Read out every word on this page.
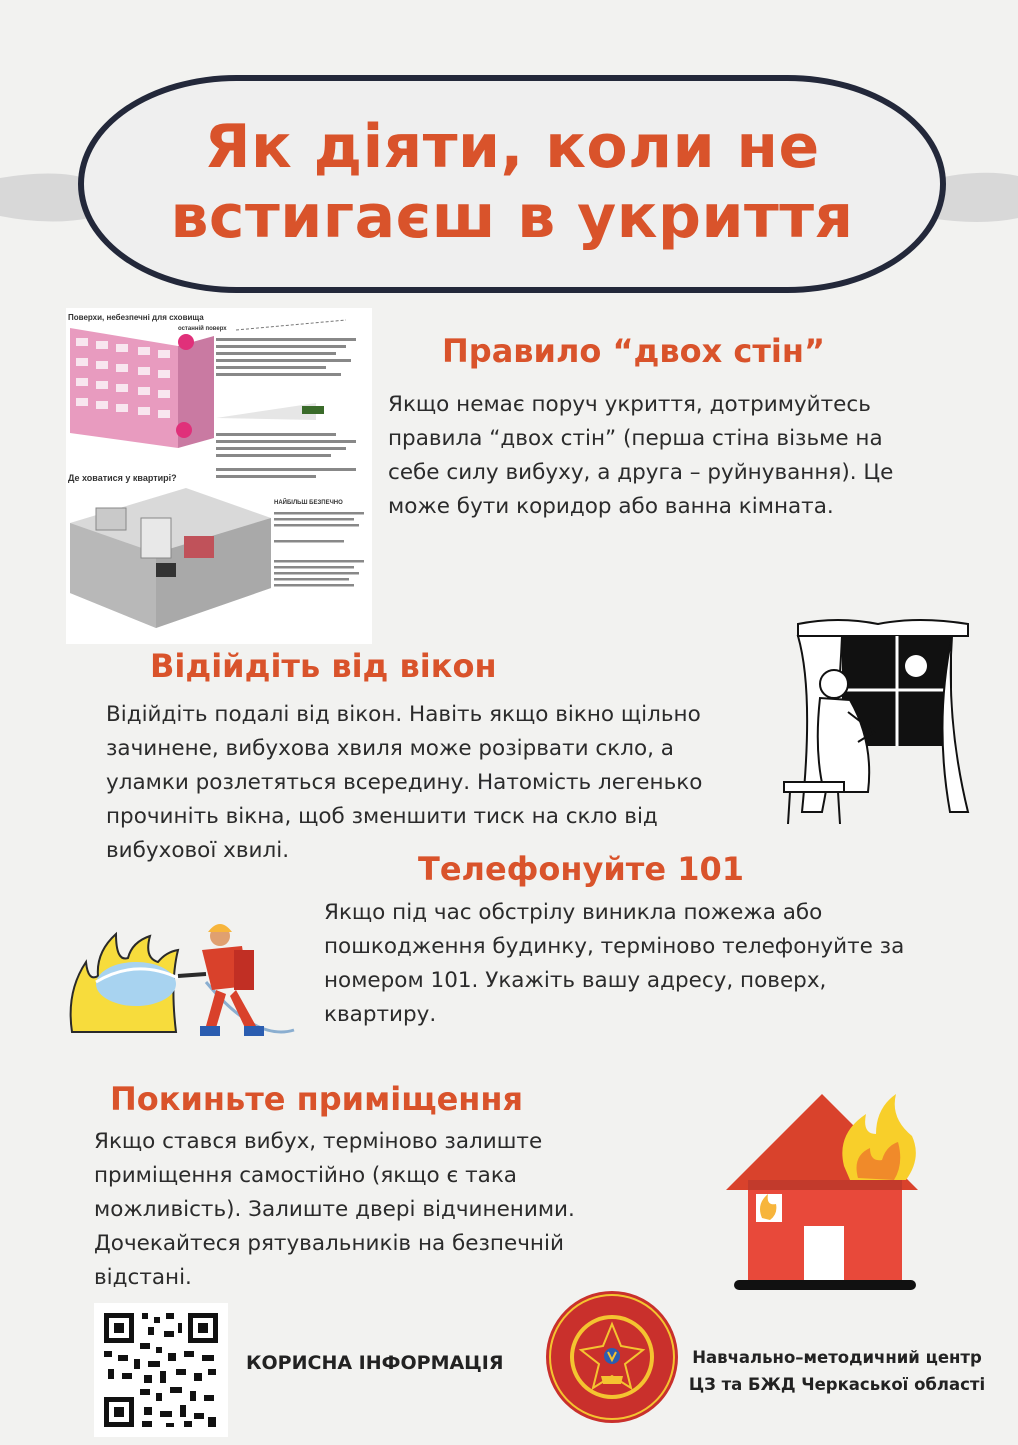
Як діяти, коли не
встигаєш в укриття
Поверхи, небезпечні для сховища
останній поверх
Де ховатися у квартирі?
НАЙБІЛЬШ БЕЗПЕЧНО
Правило “двох стін”
Якщо немає поруч укриття, дотримуйтесь
правила “двох стін” (перша стіна візьме на
себе силу вибуху, а друга – руйнування). Це
може бути коридор або ванна кімната.
Відійдіть від вікон
Відійдіть подалі від вікон. Навіть якщо вікно щільно
зачинене, вибухова хвиля може розірвати скло, а
уламки розлетяться всередину. Натомість легенько
прочиніть вікна, щоб зменшити тиск на скло від
вибухової хвилі.	Телефонуйте 101
Якщо під час обстрілу виникла пожежа або
пошкодження будинку, терміново телефонуйте за
номером 101. Укажіть вашу адресу, поверх,
квартиру.
Покиньте приміщення
Якщо стався вибух, терміново залиште
приміщення самостійно (якщо є така
можливість). Залиште двері відчиненими.
Дочекайтеся рятувальників на безпечній
відстані.
КОРИСНА ІНФОРМАЦІЯ	Навчально–методичний центр
ЦЗ та БЖД Черкаської області
